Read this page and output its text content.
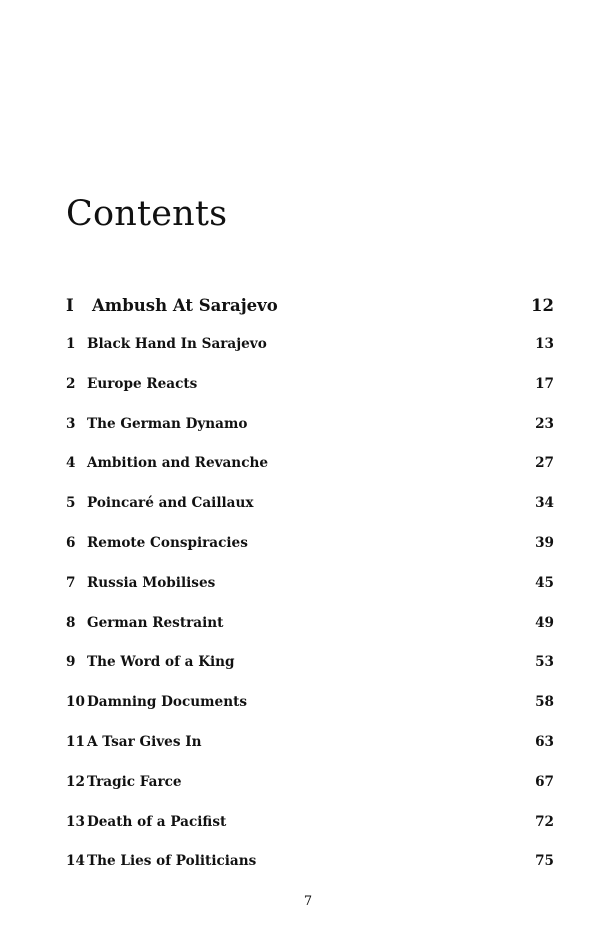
Contents
I	Ambush At Sarajevo	12
1 Black Hand In Sarajevo	13
2 Europe Reacts	17
3 The German Dynamo	23
4 Ambition and Revanche	27
5 Poincaré and Caillaux	34
6 Remote Conspiracies	39
7 Russia Mobilises	45
8 German Restraint	49
9 The Word of a King	53
10 Damning Documents	58
11 A Tsar Gives In	63
12 Tragic Farce	67
13 Death of a Pacifist	72
14 The Lies of Politicians	75
7
